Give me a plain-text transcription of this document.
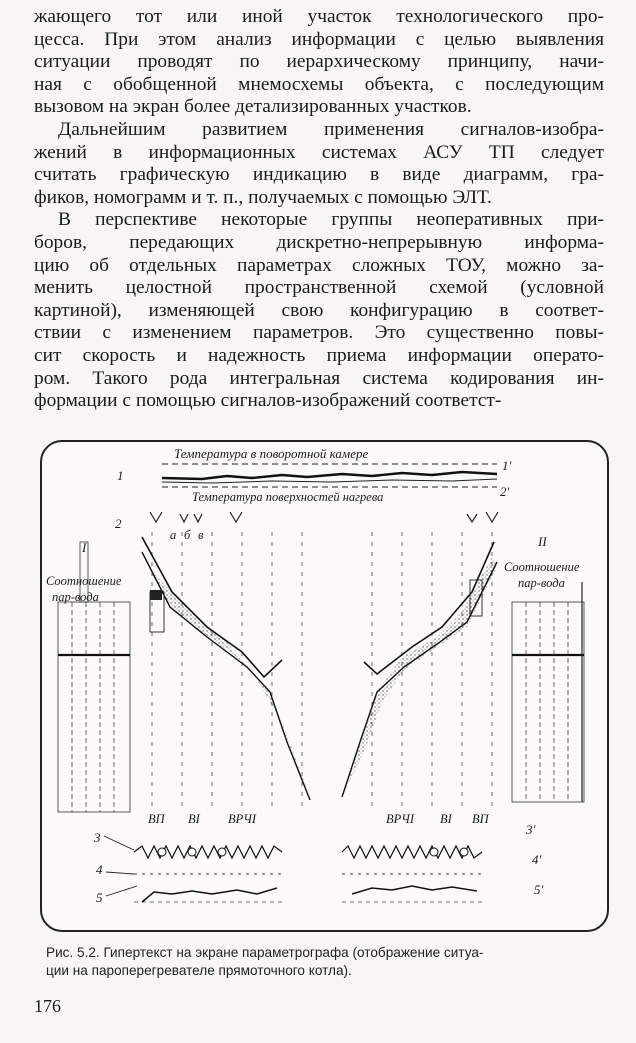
жающего тот или иной участок технологического про-
цесса. При этом анализ информации с целью выявления
ситуации проводят по иерархическому принципу, начи-
ная с обобщенной мнемосхемы объекта, с последующим
вызовом на экран более детализированных участков.
Дальнейшим развитием применения сигналов-изобра-
жений в информационных системах АСУ ТП следует
считать графическую индикацию в виде диаграмм, гра-
фиков, номограмм и т. п., получаемых с помощью ЭЛТ.
В перспективе некоторые группы неоперативных при-
боров, передающих дискретно-непрерывную информа-
цию об отдельных параметрах сложных ТОУ, можно за-
менить целостной пространственной схемой (условной
картиной), изменяющей свою конфигурацию в соответ-
ствии с изменением параметров. Это существенно повы-
сит скорость и надежность приема информации операто-
ром. Такого рода интегральная система кодирования ин-
формации с помощью сигналов-изображений соответст-
Температура в поворотной камере
Температура поверхностей нагрева
1
2
3
4
5
1'
2'
3'
4'
5'
I	II
Соотношение
пар-вода
Соотношение
пар-вода
а б в
ВП ВI ВРЧI	ВРЧI ВI ВП
Рис. 5.2. Гипертекст на экране параметрографа (отображение ситуа-
ции на пароперегревателе прямоточного котла).
176
